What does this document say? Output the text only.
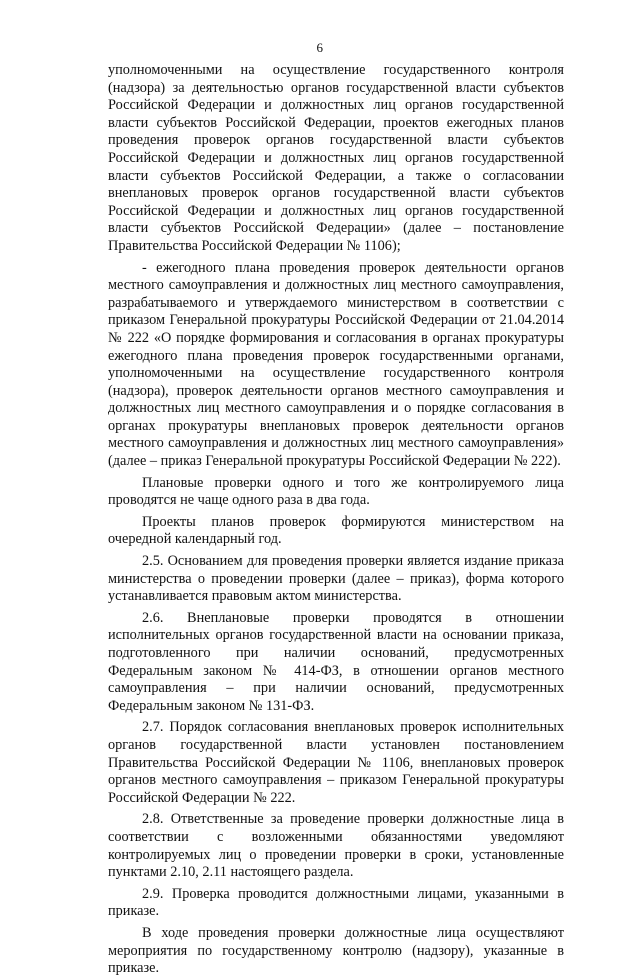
6

уполномоченными на осуществление государственного контроля (надзора) за деятельностью органов государственной власти субъектов Российской Федерации и должностных лиц органов государственной власти субъектов Российской Федерации, проектов ежегодных планов проведения проверок органов государственной власти субъектов Российской Федерации и должностных лиц органов государственной власти субъектов Российской Федерации, а также о согласовании внеплановых проверок органов государственной власти субъектов Российской Федерации и должностных лиц органов государственной власти субъектов Российской Федерации» (далее – постановление Правительства Российской Федерации № 1106);

- ежегодного плана проведения проверок деятельности органов местного самоуправления и должностных лиц местного самоуправления, разрабатываемого и утверждаемого министерством в соответствии с приказом Генеральной прокуратуры Российской Федерации от 21.04.2014 № 222 «О порядке формирования и согласования в органах прокуратуры ежегодного плана проведения проверок государственными органами, уполномоченными на осуществление государственного контроля (надзора), проверок деятельности органов местного самоуправления и должностных лиц местного самоуправления и о порядке согласования в органах прокуратуры внеплановых проверок деятельности органов местного самоуправления и должностных лиц местного самоуправления» (далее – приказ Генеральной прокуратуры Российской Федерации № 222).

Плановые проверки одного и того же контролируемого лица проводятся не чаще одного раза в два года.

Проекты планов проверок формируются министерством на очередной календарный год.

2.5. Основанием для проведения проверки является издание приказа министерства о проведении проверки (далее – приказ), форма которого устанавливается правовым актом министерства.

2.6. Внеплановые проверки проводятся в отношении исполнительных органов государственной власти на основании приказа, подготовленного при наличии оснований, предусмотренных Федеральным законом № 414-ФЗ, в отношении органов местного самоуправления – при наличии оснований, предусмотренных Федеральным законом № 131-ФЗ.

2.7. Порядок согласования внеплановых проверок исполнительных органов государственной власти установлен постановлением Правительства Российской Федерации № 1106, внеплановых проверок органов местного самоуправления – приказом Генеральной прокуратуры Российской Федерации № 222.

2.8. Ответственные за проведение проверки должностные лица в соответствии с возложенными обязанностями уведомляют контролируемых лиц о проведении проверки в сроки, установленные пунктами 2.10, 2.11 настоящего раздела.

2.9. Проверка проводится должностными лицами, указанными в приказе.

В ходе проведения проверки должностные лица осуществляют мероприятия по государственному контролю (надзору), указанные в приказе.
